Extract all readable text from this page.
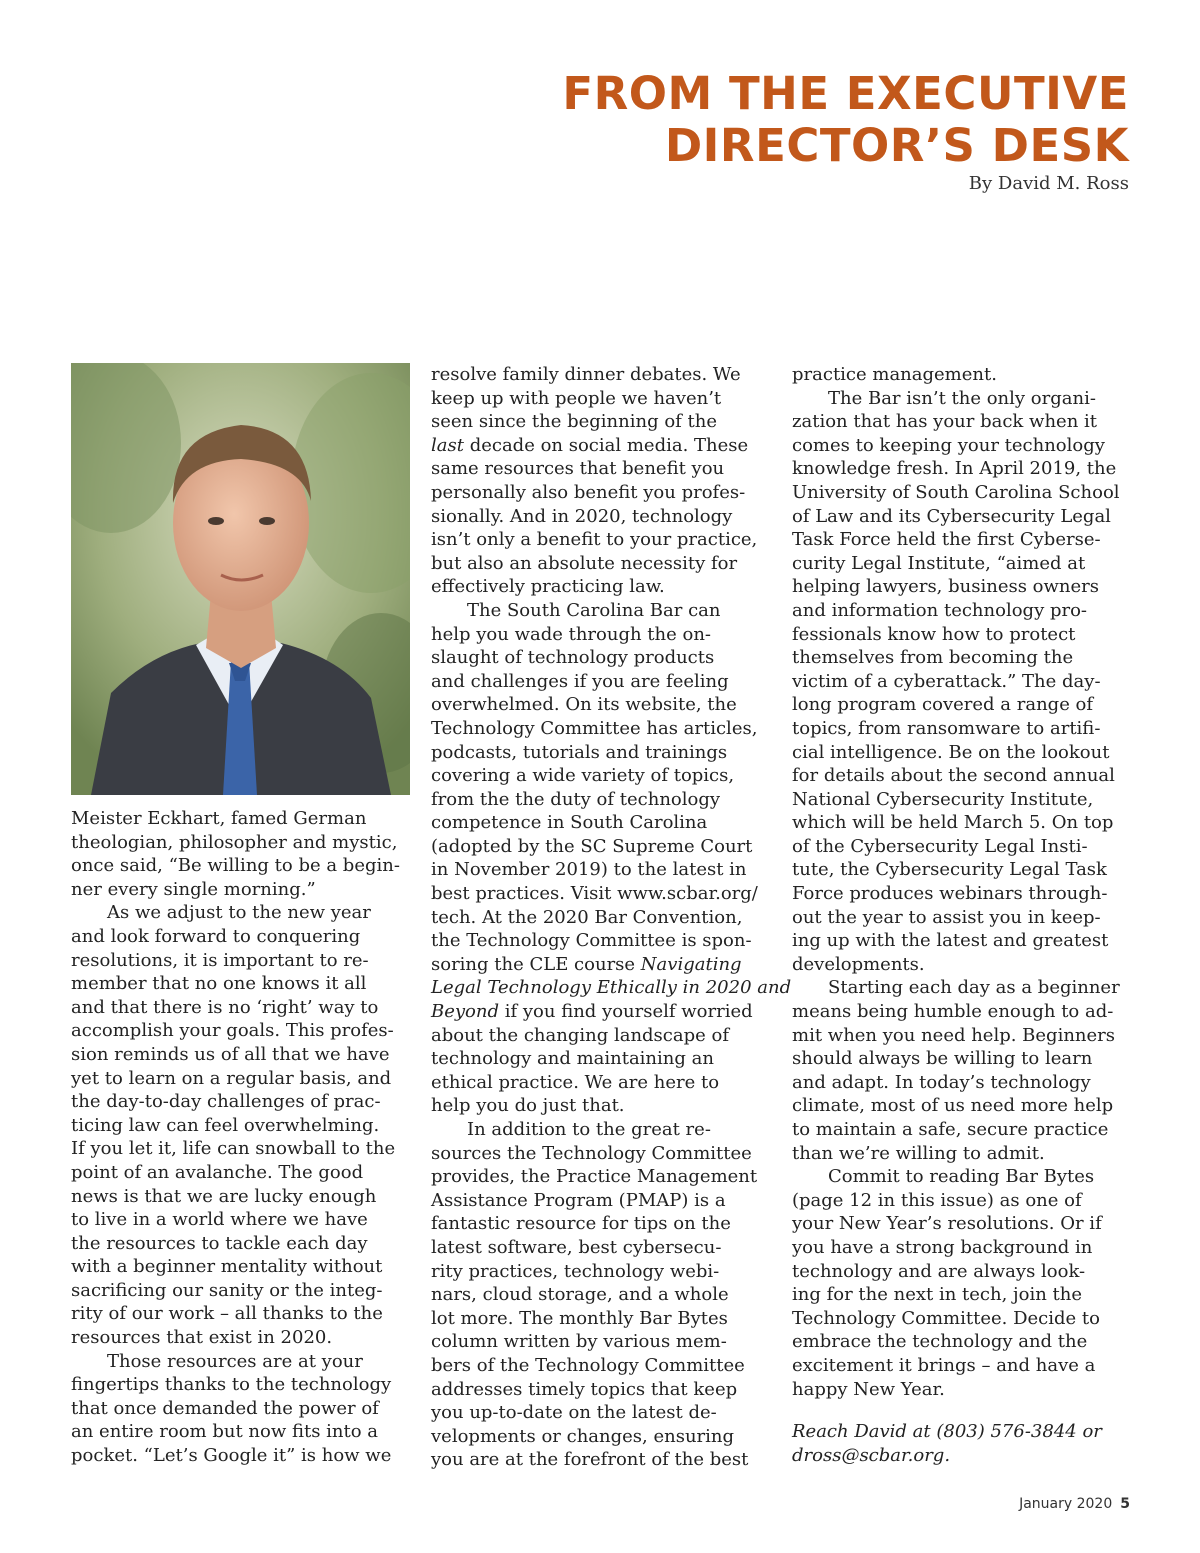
FROM THE EXECUTIVE
DIRECTOR’S DESK
By David M. Ross

Meister Eckhart, famed German

theologian, philosopher and mystic,

once said, “Be willing to be a begin-

ner every single morning.”

As we adjust to the new year

and look forward to conquering

resolutions, it is important to re-

member that no one knows it all

and that there is no ‘right’ way to

accomplish your goals. This profes-

sion reminds us of all that we have

yet to learn on a regular basis, and

the day-to-day challenges of prac-

ticing law can feel overwhelming.

If you let it, life can snowball to the

point of an avalanche. The good

news is that we are lucky enough

to live in a world where we have

the resources to tackle each day

with a beginner mentality without

sacrificing our sanity or the integ-

rity of our work – all thanks to the

resources that exist in 2020.

Those resources are at your

fingertips thanks to the technology

that once demanded the power of

an entire room but now fits into a

pocket. “Let’s Google it” is how we

resolve family dinner debates. We

keep up with people we haven’t

seen since the beginning of the

last decade on social media. These

same resources that benefit you

personally also benefit you profes-

sionally. And in 2020, technology

isn’t only a benefit to your practice,

but also an absolute necessity for

effectively practicing law.

The South Carolina Bar can

help you wade through the on-

slaught of technology products

and challenges if you are feeling

overwhelmed. On its website, the

Technology Committee has articles,

podcasts, tutorials and trainings

covering a wide variety of topics,

from the the duty of technology

competence in South Carolina

(adopted by the SC Supreme Court

in November 2019) to the latest in

best practices. Visit www.scbar.org/

tech. At the 2020 Bar Convention,

the Technology Committee is spon-

soring the CLE course Navigating

Legal Technology Ethically in 2020 and

Beyond if you find yourself worried

about the changing landscape of

technology and maintaining an

ethical practice. We are here to

help you do just that.

In addition to the great re-

sources the Technology Committee

provides, the Practice Management

Assistance Program (PMAP) is a

fantastic resource for tips on the

latest software, best cybersecu-

rity practices, technology webi-

nars, cloud storage, and a whole

lot more. The monthly Bar Bytes

column written by various mem-

bers of the Technology Committee

addresses timely topics that keep

you up-to-date on the latest de-

velopments or changes, ensuring

you are at the forefront of the best

practice management.

The Bar isn’t the only organi-

zation that has your back when it

comes to keeping your technology

knowledge fresh. In April 2019, the

University of South Carolina School

of Law and its Cybersecurity Legal

Task Force held the first Cyberse-

curity Legal Institute, “aimed at

helping lawyers, business owners

and information technology pro-

fessionals know how to protect

themselves from becoming the

victim of a cyberattack.” The day-

long program covered a range of

topics, from ransomware to artifi-

cial intelligence. Be on the lookout

for details about the second annual

National Cybersecurity Institute,

which will be held March 5. On top

of the Cybersecurity Legal Insti-

tute, the Cybersecurity Legal Task

Force produces webinars through-

out the year to assist you in keep-

ing up with the latest and greatest

developments.

Starting each day as a beginner

means being humble enough to ad-

mit when you need help. Beginners

should always be willing to learn

and adapt. In today’s technology

climate, most of us need more help

to maintain a safe, secure practice

than we’re willing to admit.

Commit to reading Bar Bytes

(page 12 in this issue) as one of

your New Year’s resolutions. Or if

you have a strong background in

technology and are always look-

ing for the next in tech, join the

Technology Committee. Decide to

embrace the technology and the

excitement it brings – and have a

happy New Year.

Reach David at (803) 576-3844 or

dross@scbar.org.

January 2020 5
